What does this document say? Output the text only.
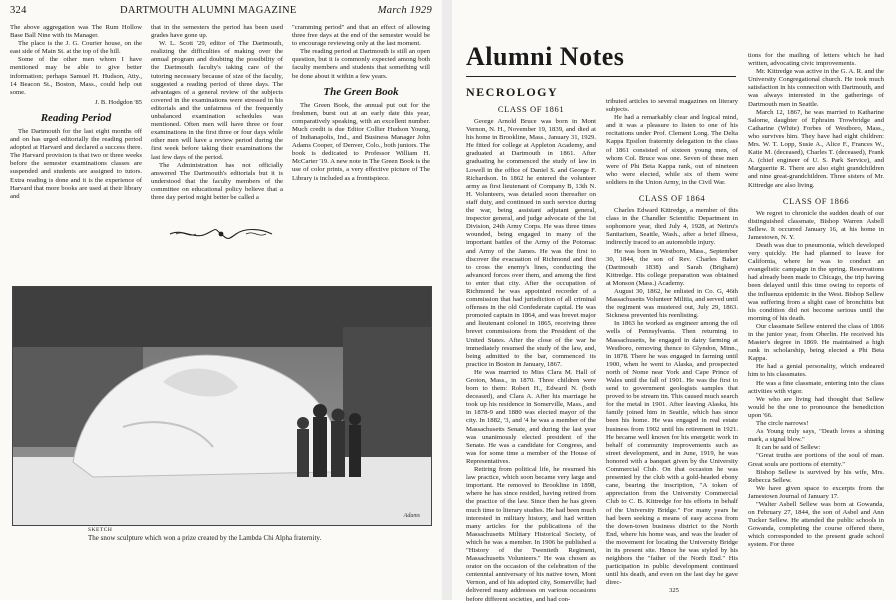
324	DARTMOUTH ALUMNI MAGAZINE	March 1929

The above aggregation was The Rum Hollow Base Ball Nine with its Manager.

The place is the J. G. Courier house, on the east side of Main St. at the top of the hill.

Some of the other men whom I have mentioned may be able to give better information; perhaps Samuel H. Hudson, Atty., 14 Beacon St., Boston, Mass., could help out some.

J. B. Hodgdon '85
Reading Period

The Dartmouth for the last eight months off and on has urged editorially the reading period adopted at Harvard and declared a success there. The Harvard provision is that two or three weeks before the semester examinations classes are suspended and students are assigned to tutors. Extra reading is done and it is the experience of Harvard that more books are used at their library and

that in the semesters the period has been used grades have gone up.

W. L. Scott '29, editor of The Dartmouth, realizing the difficulties of making over the annual program and doubting the possibility of the Dartmouth faculty's taking care of the tutoring necessary because of size of the faculty, suggested a reading period of three days. The advantages of a general review of the subjects covered in the examinations were stressed in his editorials and the unfairness of the frequently unbalanced examination schedules was mentioned. Often men will have three or four examinations in the first three or four days while other men will have a review period during the first week before taking their examinations the last few days of the period.

The Administration has not officially answered The Dartmouth's editorials but it is understood that the faculty members of the committee on educational policy believe that a three day period might better be called a

"cramming period" and that an effect of allowing three free days at the end of the semester would be to encourage reviewing only at the last moment.

The reading period at Dartmouth is still an open question, but it is commonly expected among both faculty members and students that something will be done about it within a few years.

The Green Book

The Green Book, the annual put out for the freshmen, burst out at an early date this year, comparatively speaking, with an excellent number. Much credit is due Editor Collier Hudson Young, of Indianapolis, Ind., and Business Manager John Adams Cooper, of Denver, Colo., both juniors. The book is dedicated to Professor William H. McCarter '19. A new note in The Green Book is the use of color prints, a very effective picture of The Library is included as a frontispiece.

Adams
SKETCH
The snow sculpture which won a prize created by the Lambda Chi Alpha fraternity.
Alumni Notes
NECROLOGY
CLASS OF 1861

George Arnold Bruce was born in Mont Vernon, N. H., November 19, 1839, and died at his home in Brookline, Mass., January 31, 1929. He fitted for college at Appleton Academy, and graduated at Dartmouth in 1861. After graduating he commenced the study of law in Lowell in the office of Daniel S. and George F. Richardson. In 1862 he entered the volunteer army as first lieutenant of Company B, 13th N. H. Volunteers, was detailed soon thereafter on staff duty, and continued in such service during the war, being assistant adjutant general, inspector general, and judge advocate of the 1st Division, 24th Army Corps. He was three times wounded, being engaged in many of the important battles of the Army of the Potomac and Army of the James. He was the first to discover the evacuation of Richmond and first to cross the enemy's lines, conducting the advanced forces over them, and among the first to enter that city. After the occupation of Richmond he was appointed recorder of a commission that had jurisdiction of all criminal offenses in the old Confederate capital. He was promoted captain in 1864, and was brevet major and lieutenant colonel in 1865, receiving three brevet commissions from the President of the United States. After the close of the war he immediately resumed the study of the law, and, being admitted to the bar, commenced its practice in Boston in January, 1867.

He was married to Miss Clara M. Hall of Groton, Mass., in 1870. Three children were born to them: Robert H., Edward N. (both deceased), and Clara A. After his marriage he took up his residence in Somerville, Mass., and in 1878-9 and 1880 was elected mayor of the city. In 1882, '3, and '4 he was a member of the Massachusetts Senate, and during the last year was unanimously elected president of the Senate. He was a candidate for Congress, and was for some time a member of the House of Representatives.

Retiring from political life, he resumed his law practice, which soon became very large and important. He removed to Brookline in 1898, where he has since resided, having retired from the practice of the law. Since then he has given much time to literary studies. He had been much interested in military history, and had written many articles for the publications of the Massachusetts Military Historical Society, of which he was a member. In 1906 he published a "History of the Twentieth Regiment, Massachusetts Volunteers." He was chosen as orator on the occasion of the celebration of the centennial anniversary of his native town, Mont Vernon, and of his adopted city, Somerville; had delivered many addresses on various occasions before different societies, and had con-

tributed articles to several magazines on literary subjects.

He had a remarkably clear and logical mind, and it was a pleasure to listen to one of his recitations under Prof. Clement Long. The Delta Kappa Epsilon fraternity delegation in the class of 1861 consisted of sixteen young men, of whom Col. Bruce was one. Seven of these men were of Phi Beta Kappa rank, out of nineteen who were elected, while six of them were soldiers in the Union Army, in the Civil War.

CLASS OF 1864

Charles Edward Kittredge, a member of this class in the Chandler Scientific Department in sophomore year, died July 4, 1928, at Neitru's Sanitarium, Seattle, Wash., after a brief illness, indirectly traced to an automobile injury.

He was born in Westboro, Mass., September 30, 1844, the son of Rev. Charles Baker (Dartmouth 1838) and Sarah (Brigham) Kittredge. His college preparation was obtained at Monson (Mass.) Academy.

August 30, 1862, he enlisted in Co. G, 46th Massachusetts Volunteer Militia, and served until the regiment was mustered out, July 29, 1863. Sickness prevented his reenlisting.

In 1863 he worked as engineer among the oil wells of Pennsylvania. Then returning to Massachusetts, he engaged in dairy farming at Westboro, removing thence to Glyndon, Minn., in 1878. There he was engaged in farming until 1900, when he went to Alaska, and prospected north of Nome near York and Cape Prince of Wales until the fall of 1901. He was the first to send to government geologists samples that proved to be stream tin. This caused much search for the metal in 1901. After leaving Alaska, his family joined him in Seattle, which has since been his home. He was engaged in real estate business from 1902 until his retirement in 1921. He became well known for his energetic work in behalf of community improvements such as street development, and in June, 1919, he was honored with a banquet given by the University Commercial Club. On that occasion he was presented by the club with a gold-headed ebony cane, bearing the inscription, "A token of appreciation from the University Commercial Club to C. B. Kittredge for his efforts in behalf of the University Bridge." For many years he had been seeking a means of easy access from the down-town business district to the North End, where his home was, and was the leader of the movement for locating the University Bridge in its present site. Hence he was styled by his neighbors the "father of the North End." His participation in public development continued until his death, and even on the last day he gave direc-

tions for the mailing of letters which he had written, advocating civic improvements.

Mr. Kittredge was active in the G. A. R. and the University Congregational church. He took much satisfaction in his connection with Dartmouth, and was always interested in the gatherings of Dartmouth men in Seattle.

March 12, 1867, he was married to Katharine Salome, daughter of Ephraim Trowbridge and Catharine (White) Forbes of Westboro, Mass., who survives him. They have had eight children: Mrs. W. T. Lopp, Susie A., Alice F., Frances W., Katie M. (deceased), Charles T. (deceased), Frank A. (chief engineer of U. S. Park Service), and Marguerite R. There are also eight grandchildren and nine great-grandchildren. Three sisters of Mr. Kittredge are also living.

CLASS OF 1866

We regret to chronicle the sudden death of our distinguished classmate, Bishop Warren Asbell Sellew. It occurred January 16, at his home in Jamestown, N. Y.

Death was due to pneumonia, which developed very quickly. He had planned to leave for California, where he was to conduct an evangelistic campaign in the spring. Reservations had already been made to Chicago, the trip having been delayed until this time owing to reports of the influenza epidemic in the West. Bishop Sellew was suffering from a slight case of bronchitis but his condition did not become serious until the morning of his death.

Our classmate Sellew entered the class of 1866 in the junior year, from Oberlin. He received his Master's degree in 1869. He maintained a high rank in scholarship, being elected a Phi Beta Kappa.

He had a genial personality, which endeared him to his classmates.

He was a fine classmate, entering into the class activities with vigor.

We who are living had thought that Sellew would be the one to pronounce the benediction upon '66.

The circle narrows!

As Young truly says, "Death loves a shining mark, a signal blow."

It can be said of Sellew:

"Great truths are portions of the soul of man. Great souls are portions of eternity."

Bishop Sellew is survived by his wife, Mrs. Rebecca Sellew.

We have given space to excerpts from the Jamestown Journal of January 17.

"Walter Asbell Sellew was born at Gowanda, on February 27, 1844, the son of Asbel and Ann Tucker Sellew. He attended the public schools in Gowanda, completing the course offered there, which corresponded to the present grade school system. For three

325
